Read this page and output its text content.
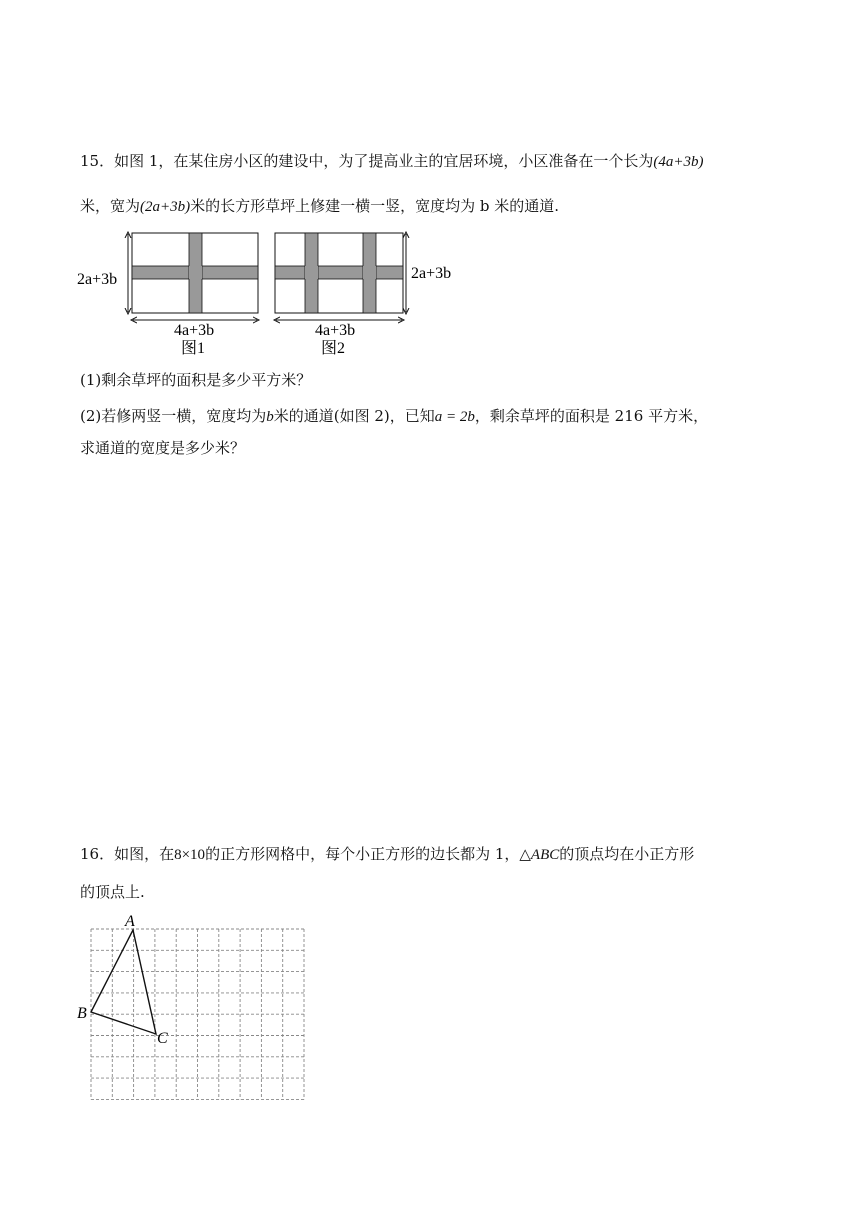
15．如图 1，在某住房小区的建设中，为了提高业主的宜居环境，小区准备在一个长为(4a+3b)
米，宽为(2a+3b)米的长方形草坪上修建一横一竖，宽度均为 b 米的通道.
2a+3b
4a+3b
图1
2a+3b
4a+3b
图2
(1)剩余草坪的面积是多少平方米？
(2)若修两竖一横，宽度均为b米的通道(如图 2)，已知a = 2b，剩余草坪的面积是 216 平方米，
求通道的宽度是多少米？
16．如图，在8×10的正方形网格中，每个小正方形的边长都为 1，△ABC的顶点均在小正方形
的顶点上.
A
B
C
